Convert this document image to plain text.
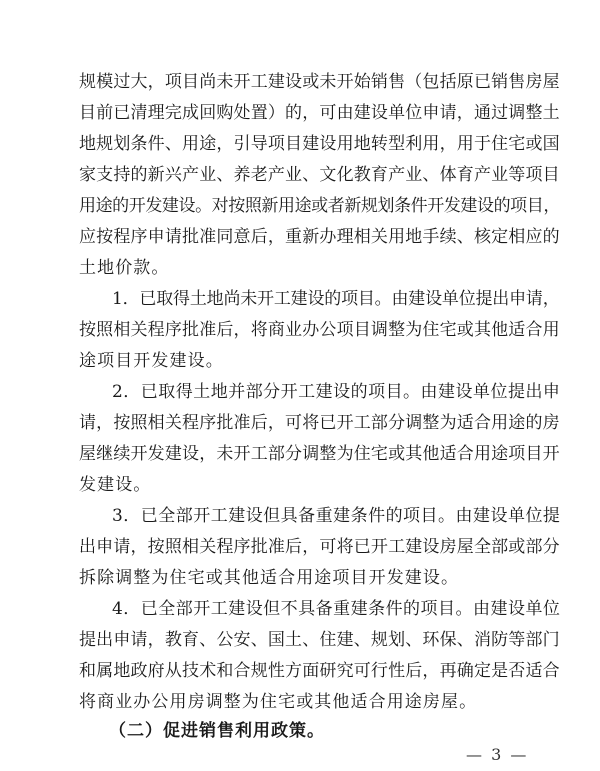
规模过大，项目尚未开工建设或未开始销售（包括原已销售房屋
目前已清理完成回购处置）的，可由建设单位申请，通过调整土
地规划条件、用途，引导项目建设用地转型利用，用于住宅或国
家支持的新兴产业、养老产业、文化教育产业、体育产业等项目
用途的开发建设。对按照新用途或者新规划条件开发建设的项目，
应按程序申请批准同意后，重新办理相关用地手续、核定相应的
土地价款。
1．已取得土地尚未开工建设的项目。由建设单位提出申请，
按照相关程序批准后，将商业办公项目调整为住宅或其他适合用
途项目开发建设。
2．已取得土地并部分开工建设的项目。由建设单位提出申
请，按照相关程序批准后，可将已开工部分调整为适合用途的房
屋继续开发建设，未开工部分调整为住宅或其他适合用途项目开
发建设。
3．已全部开工建设但具备重建条件的项目。由建设单位提
出申请，按照相关程序批准后，可将已开工建设房屋全部或部分
拆除调整为住宅或其他适合用途项目开发建设。
4．已全部开工建设但不具备重建条件的项目。由建设单位
提出申请，教育、公安、国土、住建、规划、环保、消防等部门
和属地政府从技术和合规性方面研究可行性后，再确定是否适合
将商业办公用房调整为住宅或其他适合用途房屋。
（二）促进销售利用政策。
— 3 —
